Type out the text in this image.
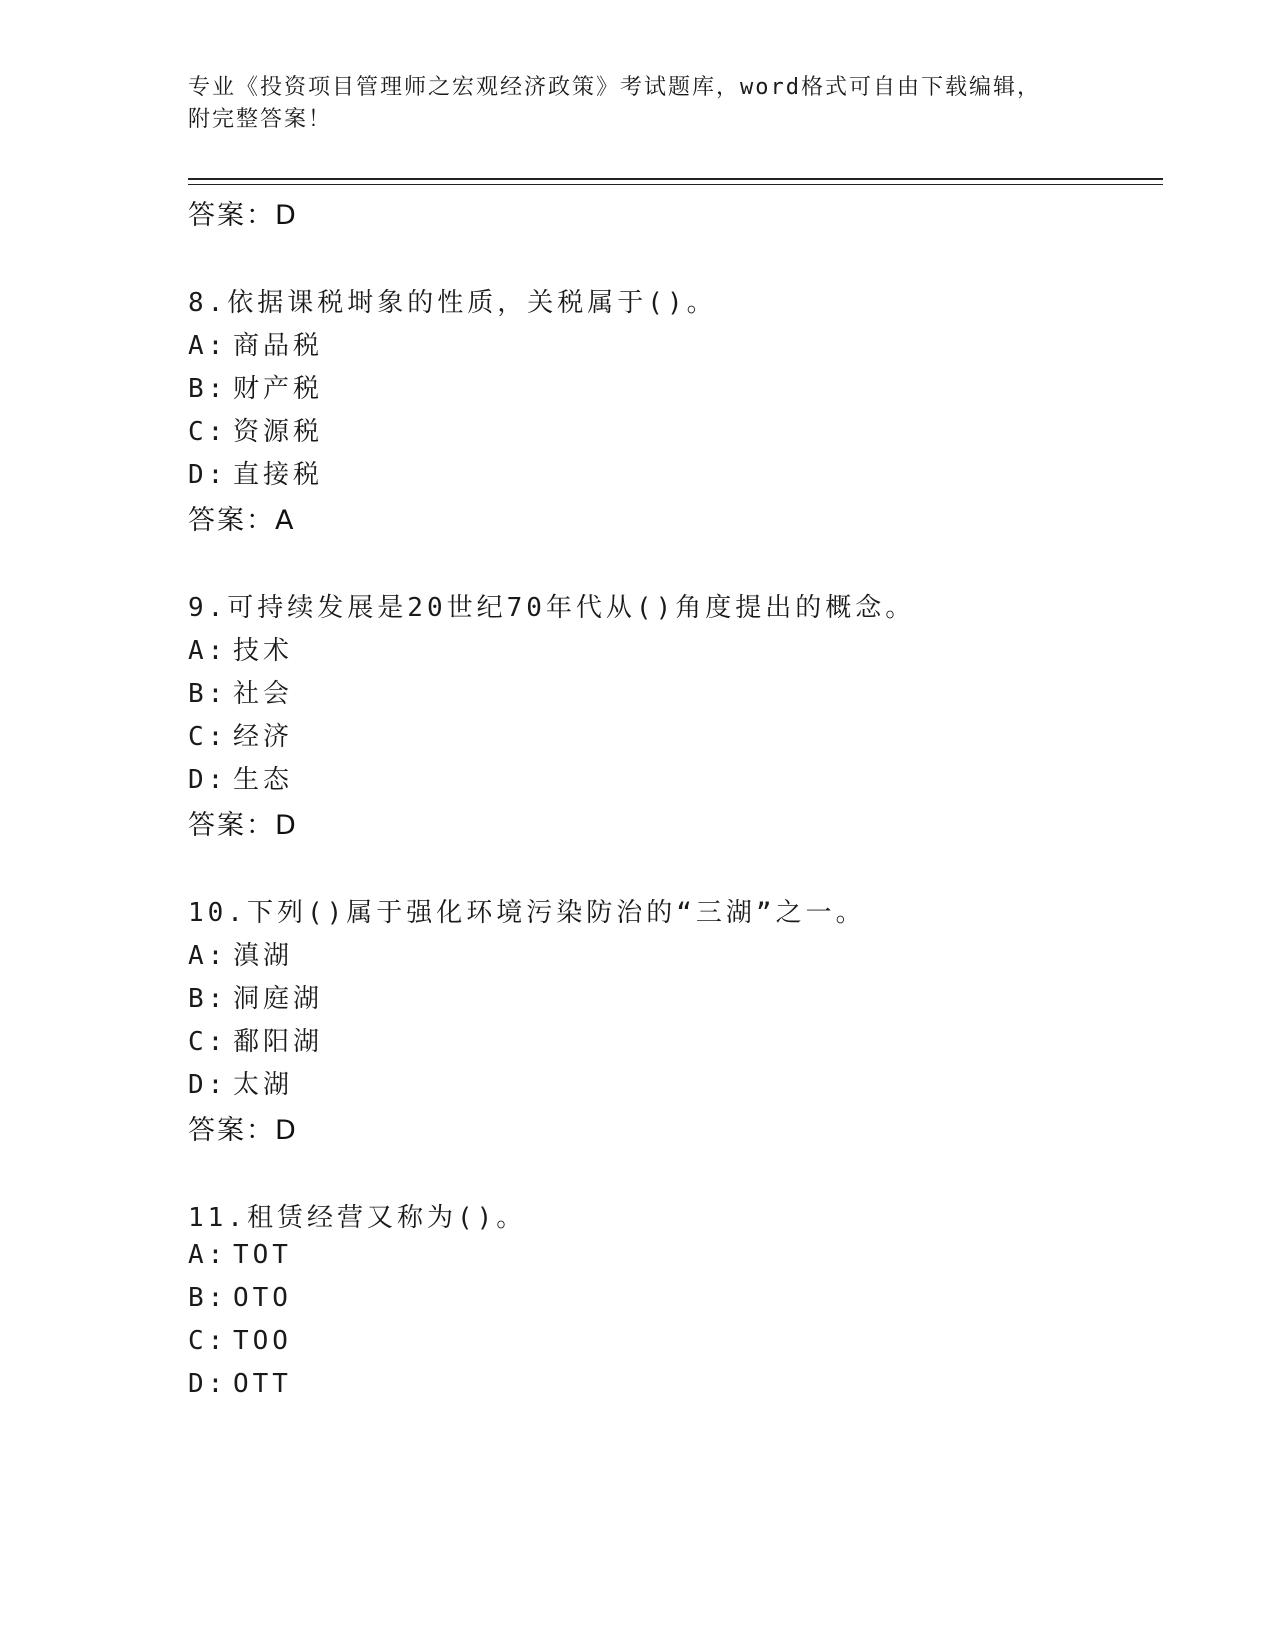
专业《投资项目管理师之宏观经济政策》考试题库，word格式可自由下载编辑，
附完整答案！
答案：D
8.依据课税埘象的性质，关税属于()。
A: 商品税
B: 财产税
C: 资源税
D: 直接税
答案：A
9.可持续发展是20世纪70年代从()角度提出的概念。
A: 技术
B: 社会
C: 经济
D: 生态
答案：D
10.下列()属于强化环境污染防治的“三湖”之一。
A: 滇湖
B: 洞庭湖
C: 鄱阳湖
D: 太湖
答案：D
11.租赁经营又称为()。
A: TOT
B: OTO
C: TOO
D: OTT
